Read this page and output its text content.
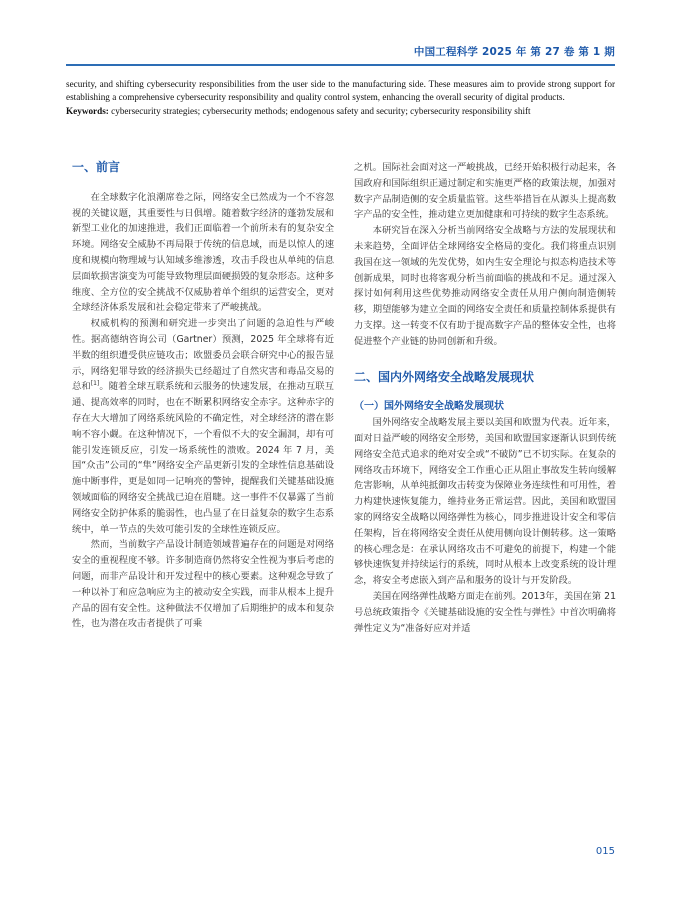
中国工程科学 2025 年 第 27 卷 第 1 期
security, and shifting cybersecurity responsibilities from the user side to the manufacturing side. These measures aim to provide strong support for establishing a comprehensive cybersecurity responsibility and quality control system, enhancing the overall security of digital products.
Keywords: cybersecurity strategies; cybersecurity methods; endogenous safety and security; cybersecurity responsibility shift
一、前言

在全球数字化浪潮席卷之际，网络安全已然成为一个不容忽视的关键议题，其重要性与日俱增。随着数字经济的蓬勃发展和新型工业化的加速推进，我们正面临着一个前所未有的复杂安全环境。网络安全威胁不再局限于传统的信息域，而是以惊人的速度和规模向物理域与认知域多维渗透，攻击手段也从单纯的信息层面软损害演变为可能导致物理层面硬损毁的复杂形态。这种多维度、全方位的安全挑战不仅威胁着单个组织的运营安全，更对全球经济体系发展和社会稳定带来了严峻挑战。

权威机构的预测和研究进一步突出了问题的急迫性与严峻性。据高德纳咨询公司（Gartner）预测，2025 年全球将有近半数的组织遭受供应链攻击；欧盟委员会联合研究中心的报告显示，网络犯罪导致的经济损失已经超过了自然灾害和毒品交易的总和[1]。随着全球互联系统和云服务的快速发展，在推动互联互通、提高效率的同时，也在不断累积网络安全赤字。这种赤字的存在大大增加了网络系统风险的不确定性，对全球经济的潜在影响不容小觑。在这种情况下，一个看似不大的安全漏洞，却有可能引发连锁反应，引发一场系统性的溃败。2024 年 7 月，美国“众击”公司的“隼”网络安全产品更新引发的全球性信息基础设施中断事件，更是如同一记响亮的警钟，提醒我们关键基础设施领域面临的网络安全挑战已迫在眉睫。这一事件不仅暴露了当前网络安全防护体系的脆弱性，也凸显了在日益复杂的数字生态系统中，单一节点的失效可能引发的全球性连锁反应。

然而，当前数字产品设计制造领域普遍存在的问题是对网络安全的重视程度不够。许多制造商仍然将安全性视为事后考虑的问题，而非产品设计和开发过程中的核心要素。这种观念导致了一种以补丁和应急响应为主的被动安全实践，而非从根本上提升产品的固有安全性。这种做法不仅增加了后期维护的成本和复杂性，也为潜在攻击者提供了可乘

之机。国际社会面对这一严峻挑战，已经开始积极行动起来，各国政府和国际组织正通过制定和实施更严格的政策法规，加强对数字产品制造侧的安全质量监管。这些举措旨在从源头上提高数字产品的安全性，推动建立更加健康和可持续的数字生态系统。

本研究旨在深入分析当前网络安全战略与方法的发展现状和未来趋势，全面评估全球网络安全格局的变化。我们将重点识别我国在这一领域的先发优势，如内生安全理论与拟态构造技术等创新成果，同时也将客观分析当前面临的挑战和不足。通过深入探讨如何利用这些优势推动网络安全责任从用户侧向制造侧转移，期望能够为建立全面的网络安全责任和质量控制体系提供有力支撑。这一转变不仅有助于提高数字产品的整体安全性，也将促进整个产业链的协同创新和升级。

二、国内外网络安全战略发展现状
（一）国外网络安全战略发展现状

国外网络安全战略发展主要以美国和欧盟为代表。近年来，面对日益严峻的网络安全形势，美国和欧盟国家逐渐认识到传统网络安全范式追求的绝对安全或“不破防”已不切实际。在复杂的网络攻击环境下，网络安全工作重心正从阻止事故发生转向缓解危害影响，从单纯抵御攻击转变为保障业务连续性和可用性，着力构建快速恢复能力，维持业务正常运营。因此，美国和欧盟国家的网络安全战略以网络弹性为核心，同步推进设计安全和零信任架构，旨在将网络安全责任从使用侧向设计侧转移。这一策略的核心理念是：在承认网络攻击不可避免的前提下，构建一个能够快速恢复并持续运行的系统，同时从根本上改变系统的设计理念，将安全考虑嵌入到产品和服务的设计与开发阶段。

美国在网络弹性战略方面走在前列。2013年，美国在第 21 号总统政策指令《关键基础设施的安全性与弹性》中首次明确将弹性定义为“准备好应对并适

015
